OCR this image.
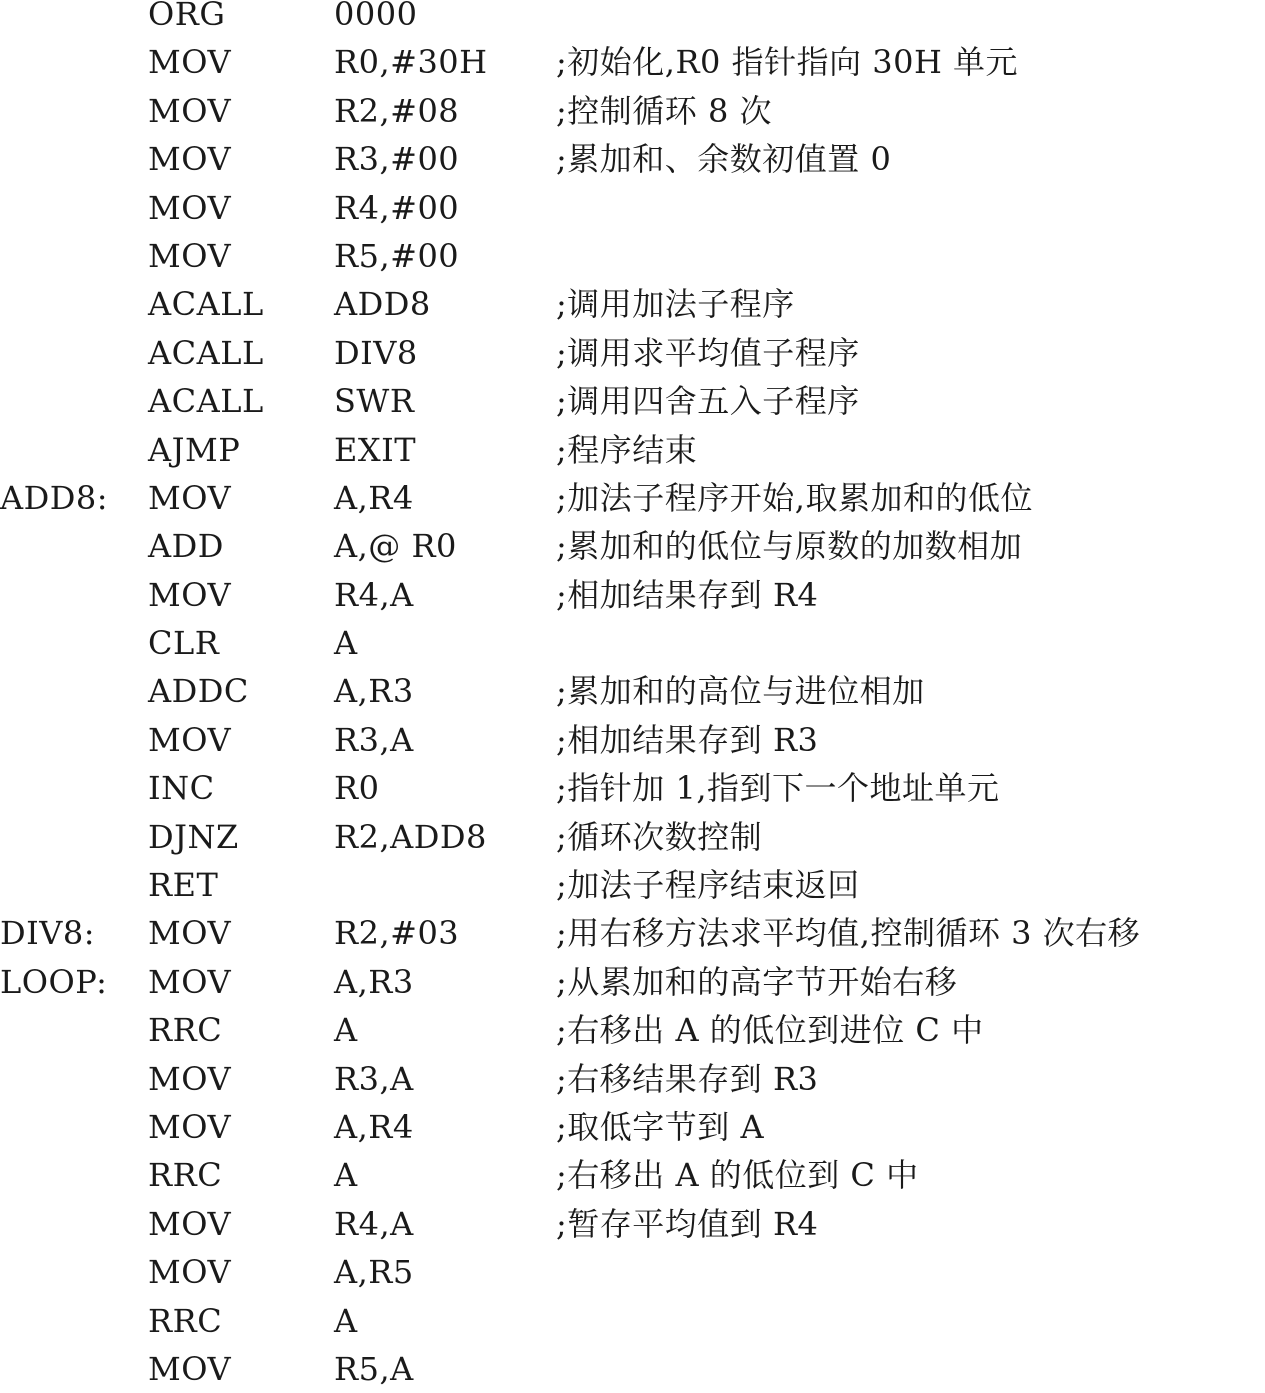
ORG	0000
MOV	R0,#30H ;初始化,R0 指针指向 30H 单元
MOV	R2,#08	;控制循环 8 次
MOV	R3,#00	;累加和、余数初值置 0
MOV	R4,#00
MOV	R5,#00
ACALL ADD8	;调用加法子程序
ACALL DIV8	;调用求平均值子程序
ACALL SWR	;调用四舍五入子程序
AJMP	EXIT	;程序结束
ADD8: MOV	A,R4	;加法子程序开始,取累加和的低位
ADD	A,@ R0	;累加和的低位与原数的加数相加
MOV	R4,A	;相加结果存到 R4
CLR	A
ADDC	A,R3	;累加和的高位与进位相加
MOV	R3,A	;相加结果存到 R3
INC	R0	;指针加 1,指到下一个地址单元
DJNZ	R2,ADD8 ;循环次数控制
RET	;加法子程序结束返回
DIV8: MOV	R2,#03	;用右移方法求平均值,控制循环 3 次右移
LOOP: MOV	A,R3	;从累加和的高字节开始右移
RRC	A	;右移出 A 的低位到进位 C 中
MOV	R3,A	;右移结果存到 R3
MOV	A,R4	;取低字节到 A
RRC	A	;右移出 A 的低位到 C 中
MOV	R4,A	;暂存平均值到 R4
MOV	A,R5
RRC	A
MOV	R5,A
